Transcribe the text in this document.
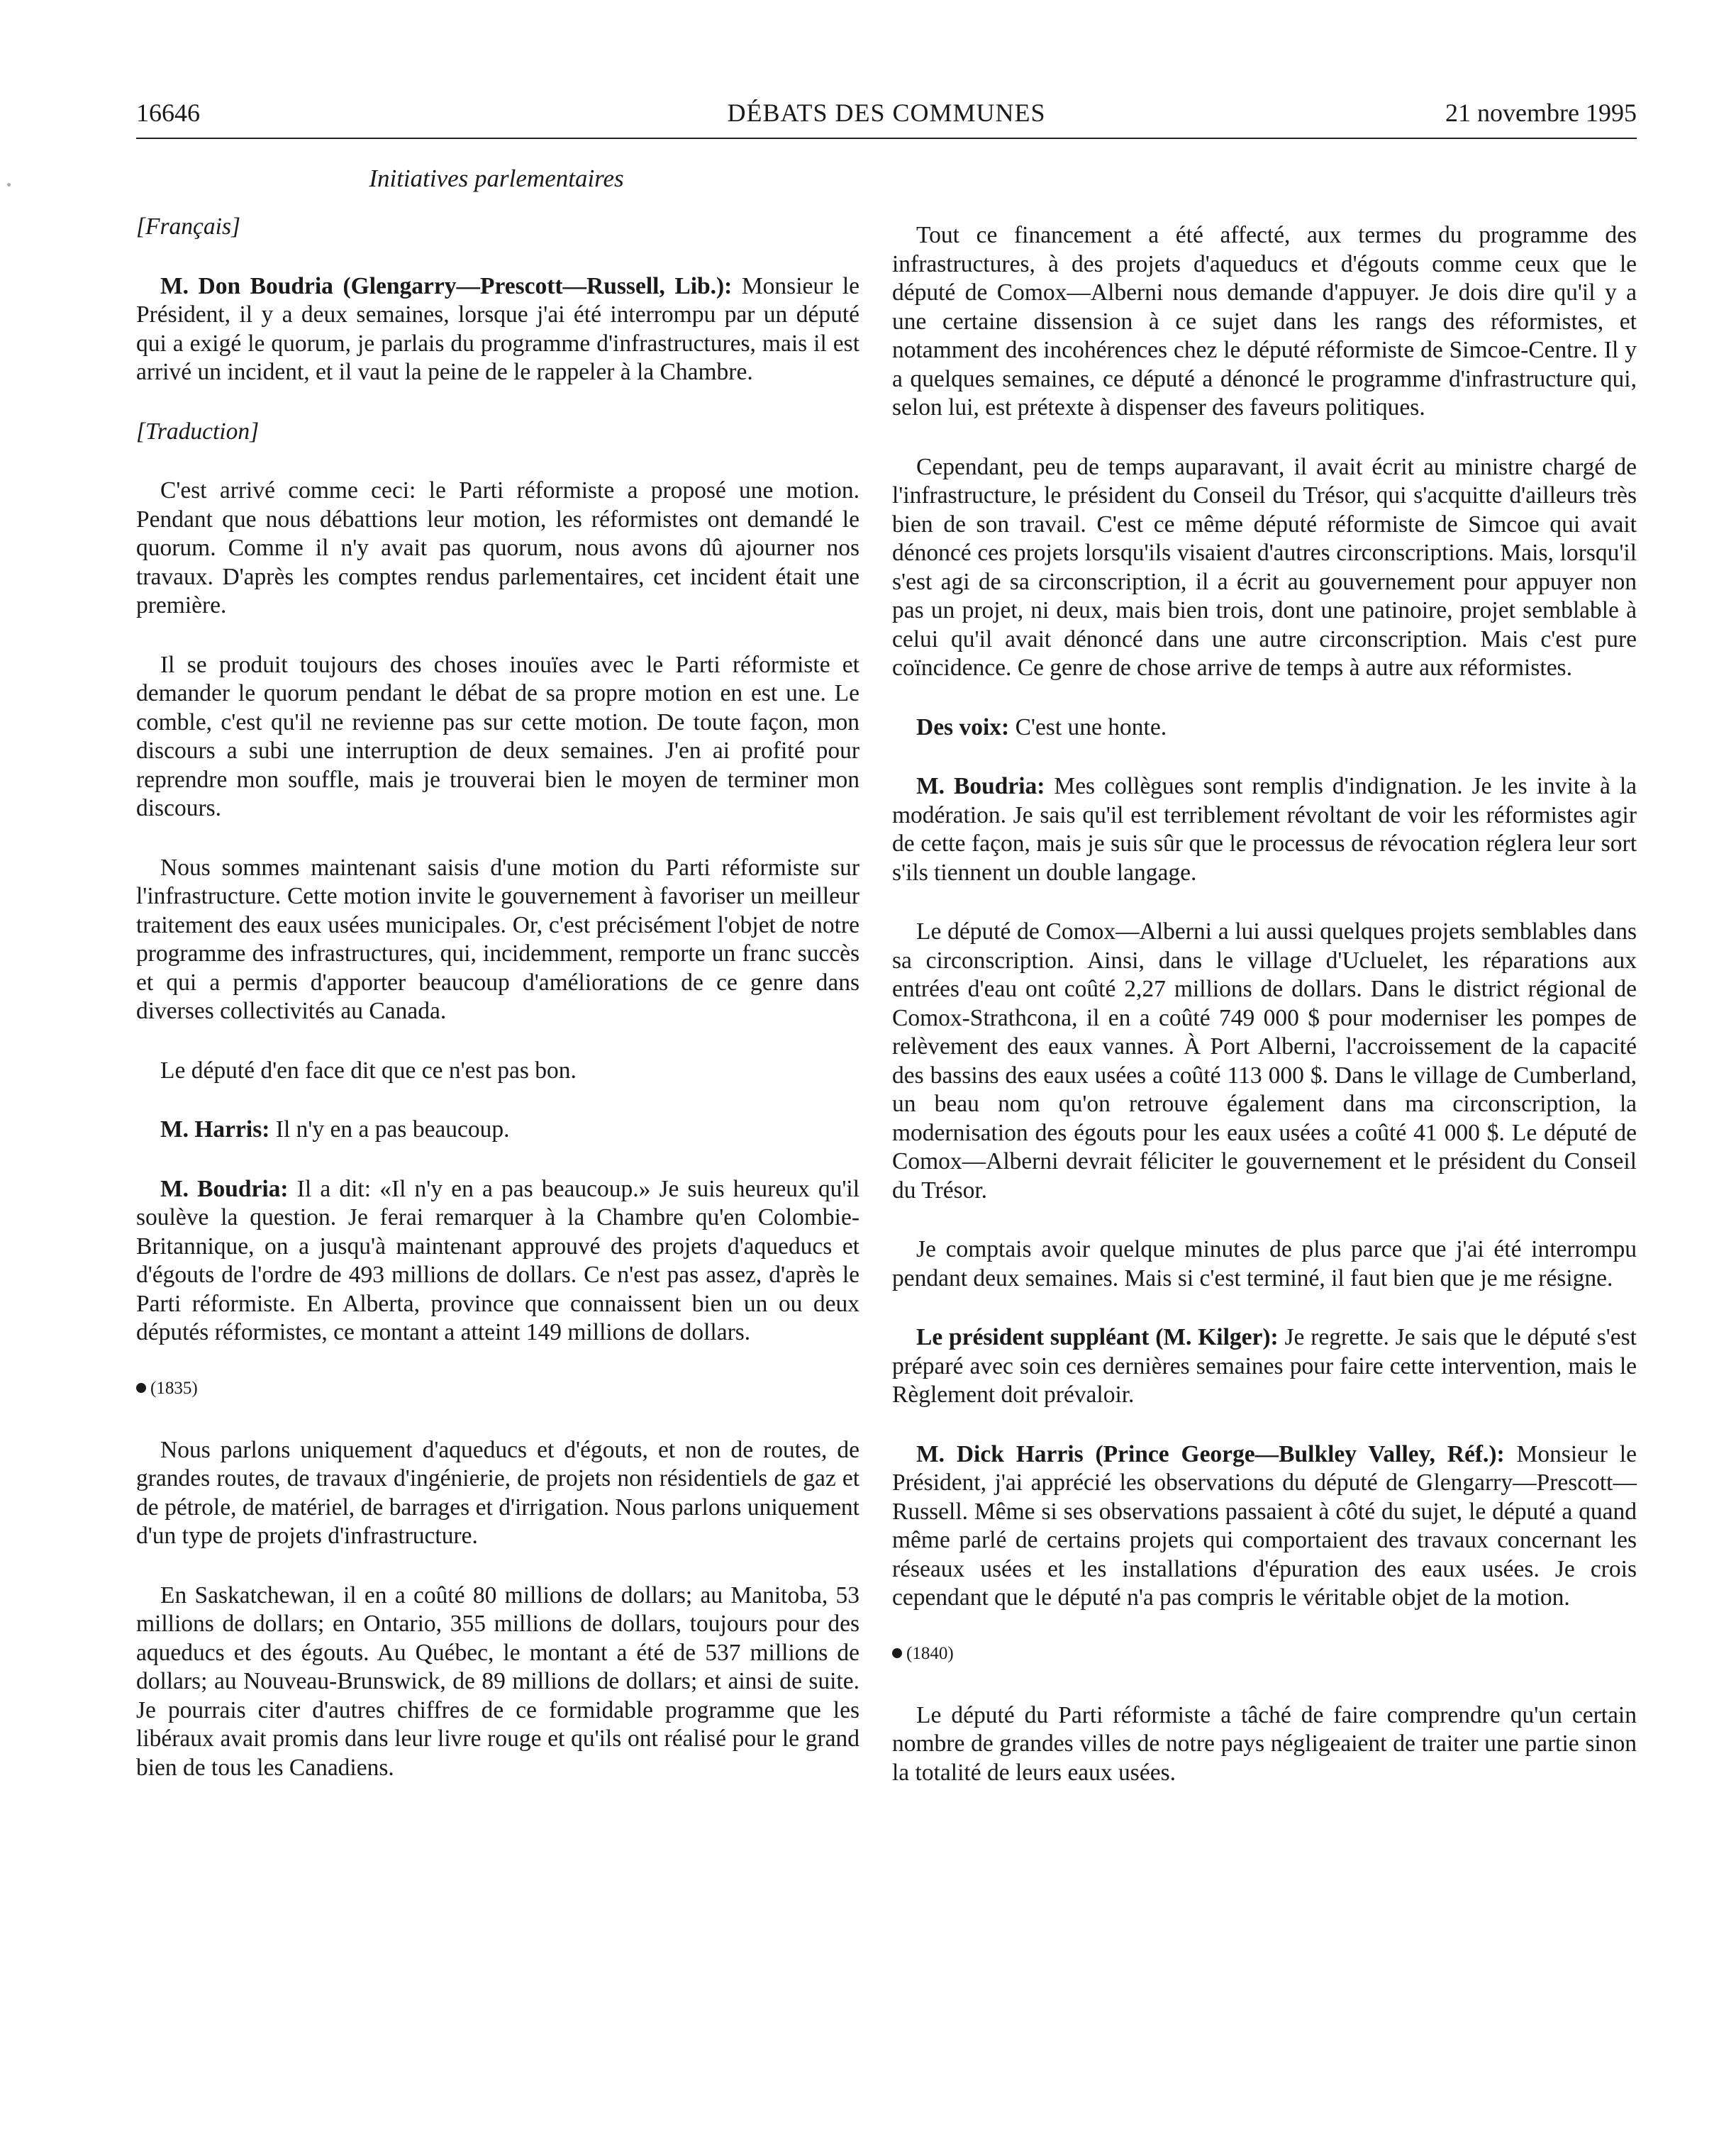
16646	DÉBATS DES COMMUNES	21 novembre 1995
Initiatives parlementaires

[Français]

M. Don Boudria (Glengarry—Prescott—Russell, Lib.): Monsieur le Président, il y a deux semaines, lorsque j'ai été interrompu par un député qui a exigé le quorum, je parlais du programme d'infrastructures, mais il est arrivé un incident, et il vaut la peine de le rappeler à la Chambre.

[Traduction]

C'est arrivé comme ceci: le Parti réformiste a proposé une motion. Pendant que nous débattions leur motion, les réformistes ont demandé le quorum. Comme il n'y avait pas quorum, nous avons dû ajourner nos travaux. D'après les comptes rendus parlementaires, cet incident était une première.

Il se produit toujours des choses inouïes avec le Parti réformiste et demander le quorum pendant le débat de sa propre motion en est une. Le comble, c'est qu'il ne revienne pas sur cette motion. De toute façon, mon discours a subi une interruption de deux semaines. J'en ai profité pour reprendre mon souffle, mais je trouverai bien le moyen de terminer mon discours.

Nous sommes maintenant saisis d'une motion du Parti réformiste sur l'infrastructure. Cette motion invite le gouvernement à favoriser un meilleur traitement des eaux usées municipales. Or, c'est précisément l'objet de notre programme des infrastructures, qui, incidemment, remporte un franc succès et qui a permis d'apporter beaucoup d'améliorations de ce genre dans diverses collectivités au Canada.

Le député d'en face dit que ce n'est pas bon.

M. Harris: Il n'y en a pas beaucoup.

M. Boudria: Il a dit: «Il n'y en a pas beaucoup.» Je suis heureux qu'il soulève la question. Je ferai remarquer à la Chambre qu'en Colombie-Britannique, on a jusqu'à maintenant approuvé des projets d'aqueducs et d'égouts de l'ordre de 493 millions de dollars. Ce n'est pas assez, d'après le Parti réformiste. En Alberta, province que connaissent bien un ou deux députés réformistes, ce montant a atteint 149 millions de dollars.

(1835)

Nous parlons uniquement d'aqueducs et d'égouts, et non de routes, de grandes routes, de travaux d'ingénierie, de projets non résidentiels de gaz et de pétrole, de matériel, de barrages et d'irrigation. Nous parlons uniquement d'un type de projets d'infrastructure.

En Saskatchewan, il en a coûté 80 millions de dollars; au Manitoba, 53 millions de dollars; en Ontario, 355 millions de dollars, toujours pour des aqueducs et des égouts. Au Québec, le montant a été de 537 millions de dollars; au Nouveau-Brunswick, de 89 millions de dollars; et ainsi de suite. Je pourrais citer d'autres chiffres de ce formidable programme que les libéraux avait promis dans leur livre rouge et qu'ils ont réalisé pour le grand bien de tous les Canadiens.

Tout ce financement a été affecté, aux termes du programme des infrastructures, à des projets d'aqueducs et d'égouts comme ceux que le député de Comox—Alberni nous demande d'appuyer. Je dois dire qu'il y a une certaine dissension à ce sujet dans les rangs des réformistes, et notamment des incohérences chez le député réformiste de Simcoe-Centre. Il y a quelques semaines, ce député a dénoncé le programme d'infrastructure qui, selon lui, est prétexte à dispenser des faveurs politiques.

Cependant, peu de temps auparavant, il avait écrit au ministre chargé de l'infrastructure, le président du Conseil du Trésor, qui s'acquitte d'ailleurs très bien de son travail. C'est ce même député réformiste de Simcoe qui avait dénoncé ces projets lorsqu'ils visaient d'autres circonscriptions. Mais, lorsqu'il s'est agi de sa circonscription, il a écrit au gouvernement pour appuyer non pas un projet, ni deux, mais bien trois, dont une patinoire, projet semblable à celui qu'il avait dénoncé dans une autre circonscription. Mais c'est pure coïncidence. Ce genre de chose arrive de temps à autre aux réformistes.

Des voix: C'est une honte.

M. Boudria: Mes collègues sont remplis d'indignation. Je les invite à la modération. Je sais qu'il est terriblement révoltant de voir les réformistes agir de cette façon, mais je suis sûr que le processus de révocation réglera leur sort s'ils tiennent un double langage.

Le député de Comox—Alberni a lui aussi quelques projets semblables dans sa circonscription. Ainsi, dans le village d'Ucluelet, les réparations aux entrées d'eau ont coûté 2,27 millions de dollars. Dans le district régional de Comox-Strathcona, il en a coûté 749 000 $ pour moderniser les pompes de relèvement des eaux vannes. À Port Alberni, l'accroissement de la capacité des bassins des eaux usées a coûté 113 000 $. Dans le village de Cumberland, un beau nom qu'on retrouve également dans ma circonscription, la modernisation des égouts pour les eaux usées a coûté 41 000 $. Le député de Comox—Alberni devrait féliciter le gouvernement et le président du Conseil du Trésor.

Je comptais avoir quelque minutes de plus parce que j'ai été interrompu pendant deux semaines. Mais si c'est terminé, il faut bien que je me résigne.

Le président suppléant (M. Kilger): Je regrette. Je sais que le député s'est préparé avec soin ces dernières semaines pour faire cette intervention, mais le Règlement doit prévaloir.

M. Dick Harris (Prince George—Bulkley Valley, Réf.): Monsieur le Président, j'ai apprécié les observations du député de Glengarry—Prescott—Russell. Même si ses observations passaient à côté du sujet, le député a quand même parlé de certains projets qui comportaient des travaux concernant les réseaux usées et les installations d'épuration des eaux usées. Je crois cependant que le député n'a pas compris le véritable objet de la motion.

(1840)

Le député du Parti réformiste a tâché de faire comprendre qu'un certain nombre de grandes villes de notre pays négligeaient de traiter une partie sinon la totalité de leurs eaux usées.
